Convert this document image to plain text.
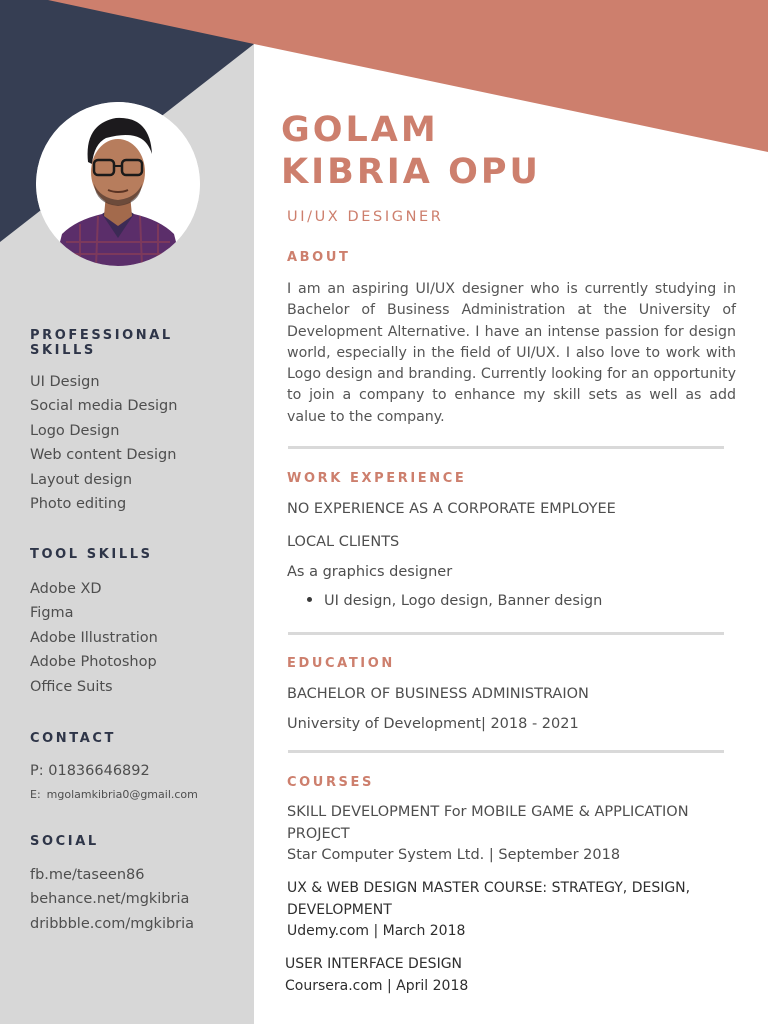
PROFESSIONAL
SKILLS
UI Design
Social media Design
Logo Design
Web content Design
Layout design
Photo editing
TOOL SKILLS
Adobe XD
Figma
Adobe Illustration
Adobe Photoshop
Office Suits
CONTACT
P: 01836646892
E: mgolamkibria0@gmail.com
SOCIAL
fb.me/taseen86
behance.net/mgkibria
dribbble.com/mgkibria
GOLAM
KIBRIA OPU
UI/UX DESIGNER
ABOUT

I am an aspiring UI/UX designer who is currently studying in Bachelor of Business Administration at the University of Development Alternative. I have an intense passion for design world, especially in the field of UI/UX. I also love to work with Logo design and branding. Currently looking for an opportunity to join a company to enhance my skill sets as well as add value to the company.

WORK EXPERIENCE
NO EXPERIENCE AS A CORPORATE EMPLOYEE
LOCAL CLIENTS
As a graphics designer
UI design, Logo design, Banner design
EDUCATION
BACHELOR OF BUSINESS ADMINISTRAION
University of Development| 2018 - 2021
COURSES
SKILL DEVELOPMENT For MOBILE GAME & APPLICATION PROJECT
Star Computer System Ltd. | September 2018
UX & WEB DESIGN MASTER COURSE: STRATEGY, DESIGN, DEVELOPMENT
Udemy.com | March 2018
USER INTERFACE DESIGN
Coursera.com | April 2018
